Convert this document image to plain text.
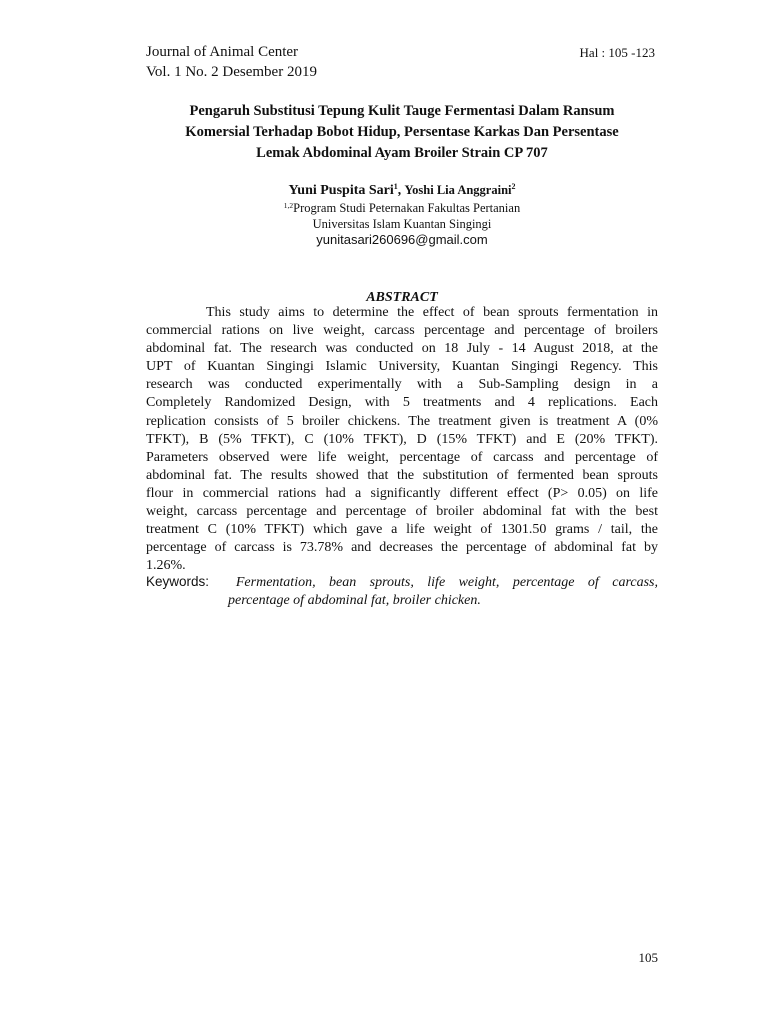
Journal of Animal Center
Vol. 1 No. 2 Desember 2019
Hal : 105 -123
Pengaruh Substitusi Tepung Kulit Tauge Fermentasi Dalam Ransum
Komersial Terhadap Bobot Hidup, Persentase Karkas Dan Persentase
Lemak Abdominal Ayam Broiler Strain CP 707
Yuni Puspita Sari$^1$, Yoshi Lia Anggraini$^2$
$^{1,2}$Program Studi Peternakan Fakultas Pertanian
Universitas Islam Kuantan Singingi
yunitasari260696@gmail.com
ABSTRACT
This study aims to determine the effect of bean sprouts fermentation in
commercial rations on live weight, carcass percentage and percentage of broilers
abdominal fat. The research was conducted on 18 July - 14 August 2018, at the
UPT of Kuantan Singingi Islamic University, Kuantan Singingi Regency. This
research was conducted experimentally with a Sub-Sampling design in a
Completely Randomized Design, with 5 treatments and 4 replications. Each
replication consists of 5 broiler chickens. The treatment given is treatment A (0%
TFKT), B (5% TFKT), C (10% TFKT), D (15% TFKT) and E (20% TFKT).
Parameters observed were life weight, percentage of carcass and percentage of
abdominal fat. The results showed that the substitution of fermented bean sprouts
flour in commercial rations had a significantly different effect (P> 0.05) on life
weight, carcass percentage and percentage of broiler abdominal fat with the best
treatment C (10% TFKT) which gave a life weight of 1301.50 grams / tail, the
percentage of carcass is 73.78% and decreases the percentage of abdominal fat by
1.26%.
Keywords: Fermentation, bean sprouts, life weight, percentage of carcass,
percentage of abdominal fat, broiler chicken.
105
